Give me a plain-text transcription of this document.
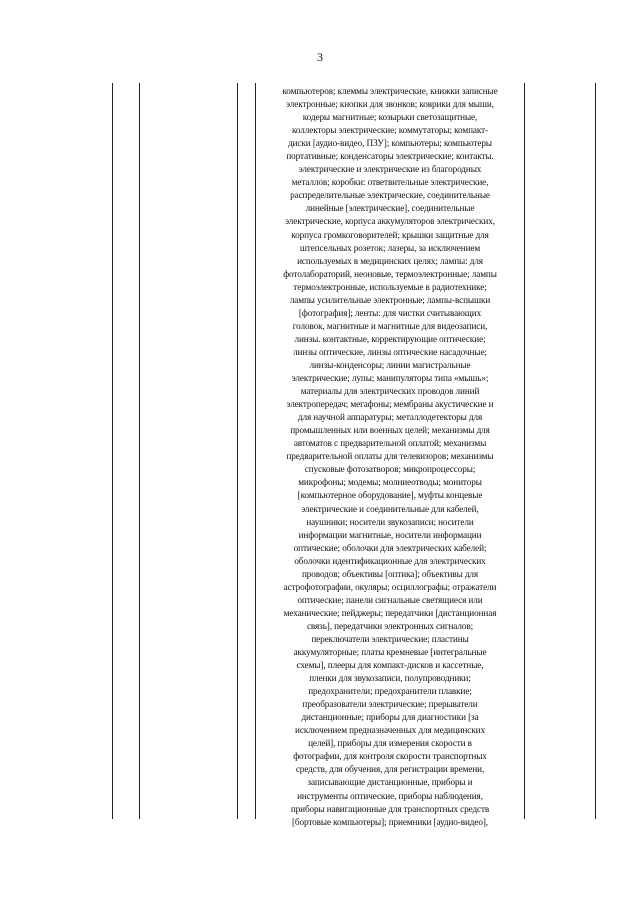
3
компьютеров; клеммы электрические, книжки записные
электронные; кнопки для звонков; коврики для мыши,
кодеры магнитные; козырьки светозащитные,
коллекторы электрические; коммутаторы; компакт-
диски [аудио-видео, ПЗУ]; компьютеры; компьютеры
портативные; конденсаторы электрические; контакты.
электрические и электрические из благородных
металлов; коробки: ответвительные электрические,
распределительные электрические, соединительные
линейные [электрические], соединительные
электрические, корпуса аккумуляторов электрических,
корпуса громкоговорителей; крышки защитные для
штепсельных розеток; лазеры, за исключением
используемых в медицинских целях; лампы: для
фотолабораторий, неоновые, термоэлектронные; лампы
термоэлектронные, используемые в радиотехнике;
лампы усилительные электронные; лампы-вспышки
[фотография]; ленты: для чистки считывающих
головок, магнитные и магнитные для видеозаписи,
линзы. контактные, корректирующие оптические;
линзы оптические, линзы оптические насадочные;
линзы-конденсоры; линии магистральные
электрические; лупы; манипуляторы типа «мышь»;
материалы для электрических проводов линий
электропередач; мегафоны; мембраны акустические и
для научной аппаратуры; металлодетекторы для
промышленных или военных целей; механизмы для
автоматов с предварительной оплатой; механизмы
предварительной оплаты для телевизоров; механизмы
спусковые фотозатворов; микропроцессоры;
микрофоны; модемы; молниеотводы; мониторы
[компьютерное оборудование], муфты концевые
электрические и соединительные для кабелей,
наушники; носители звукозаписи; носители
информации магнитные, носители информации
оптические; оболочки для электрических кабелей;
оболочки идентификационные для электрических
проводов; объективы [оптика]; объективы для
астрофотографии, окуляры; осциллографы; отражатели
оптические; панели сигнальные светящиеся или
механические; пейджеры; передатчики [дистанционная
связь], передатчики электронных сигналов;
переключатели электрические; пластины
аккумуляторные; платы кремневые [интегральные
схемы], плееры для компакт-дисков и кассетные,
пленки для звукозаписи, полупроводники;
предохранители; предохранители плавкие;
преобразователи электрические; прерыватели
дистанционные; приборы для диагностики [за
исключением предназначенных для медицинских
целей], приборы для измерения скорости в
фотографии, для контроля скорости транспортных
средств, для обучения, для регистрации времени,
записывающие дистанционные, приборы и
инструменты оптические, приборы наблюдения,
приборы навигационные для транспортных средств
[бортовые компьютеры]; приемники [аудио-видео],
